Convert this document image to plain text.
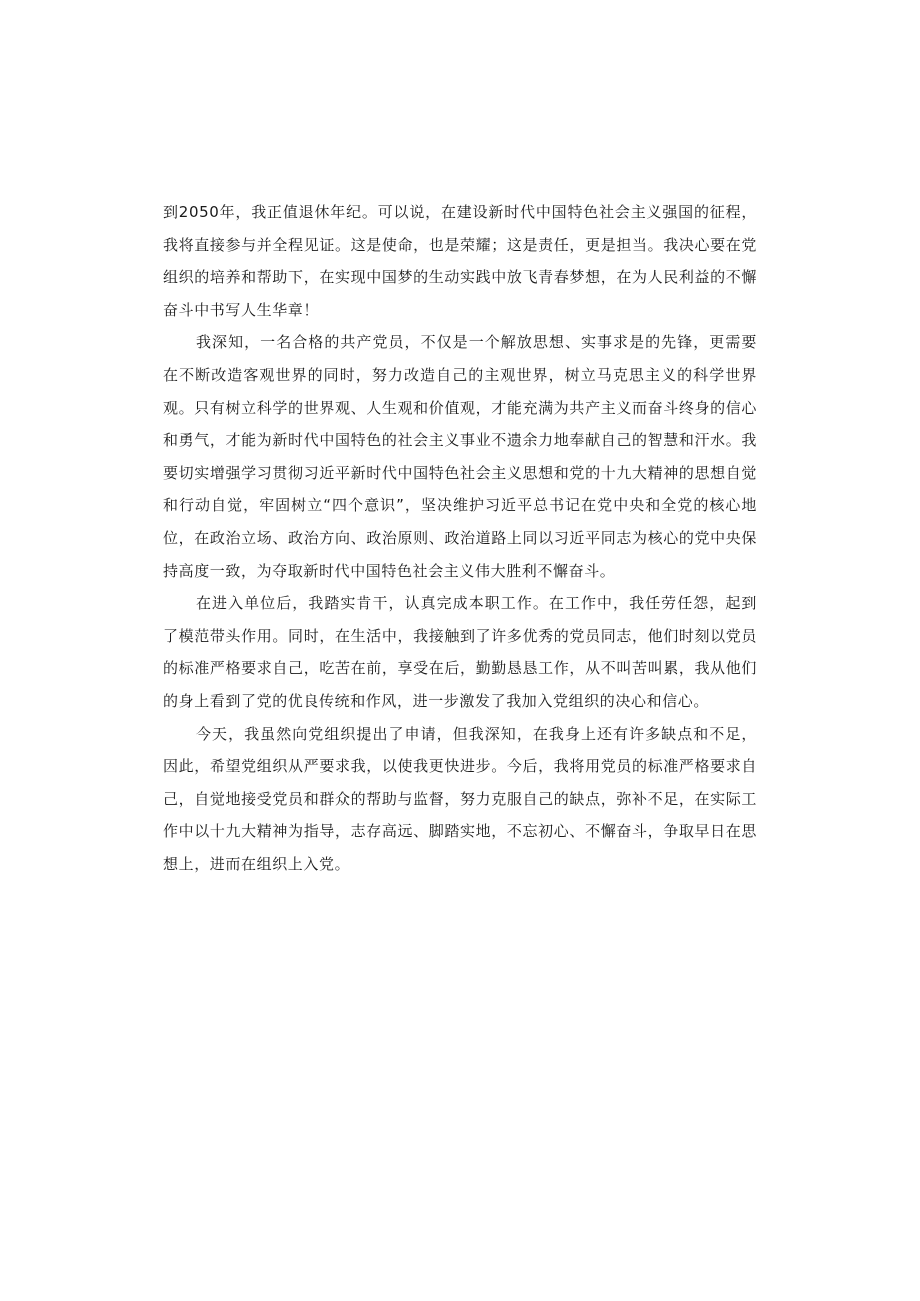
到2050年，我正值退休年纪。可以说，在建设新时代中国特色社会主义强国的征程，我将直接参与并全程见证。这是使命，也是荣耀；这是责任，更是担当。我决心要在党组织的培养和帮助下，在实现中国梦的生动实践中放飞青春梦想，在为人民利益的不懈奋斗中书写人生华章！

我深知，一名合格的共产党员，不仅是一个解放思想、实事求是的先锋，更需要在不断改造客观世界的同时，努力改造自己的主观世界，树立马克思主义的科学世界观。只有树立科学的世界观、人生观和价值观，才能充满为共产主义而奋斗终身的信心和勇气，才能为新时代中国特色的社会主义事业不遗余力地奉献自己的智慧和汗水。我要切实增强学习贯彻习近平新时代中国特色社会主义思想和党的十九大精神的思想自觉和行动自觉，牢固树立“四个意识”，坚决维护习近平总书记在党中央和全党的核心地位，在政治立场、政治方向、政治原则、政治道路上同以习近平同志为核心的党中央保持高度一致，为夺取新时代中国特色社会主义伟大胜利不懈奋斗。

在进入单位后，我踏实肯干，认真完成本职工作。在工作中，我任劳任怨，起到了模范带头作用。同时，在生活中，我接触到了许多优秀的党员同志，他们时刻以党员的标准严格要求自己，吃苦在前，享受在后，勤勤恳恳工作，从不叫苦叫累，我从他们的身上看到了党的优良传统和作风，进一步激发了我加入党组织的决心和信心。

今天，我虽然向党组织提出了申请，但我深知，在我身上还有许多缺点和不足，因此，希望党组织从严要求我，以使我更快进步。今后，我将用党员的标准严格要求自己，自觉地接受党员和群众的帮助与监督，努力克服自己的缺点，弥补不足，在实际工作中以十九大精神为指导，志存高远、脚踏实地，不忘初心、不懈奋斗，争取早日在思想上，进而在组织上入党。
